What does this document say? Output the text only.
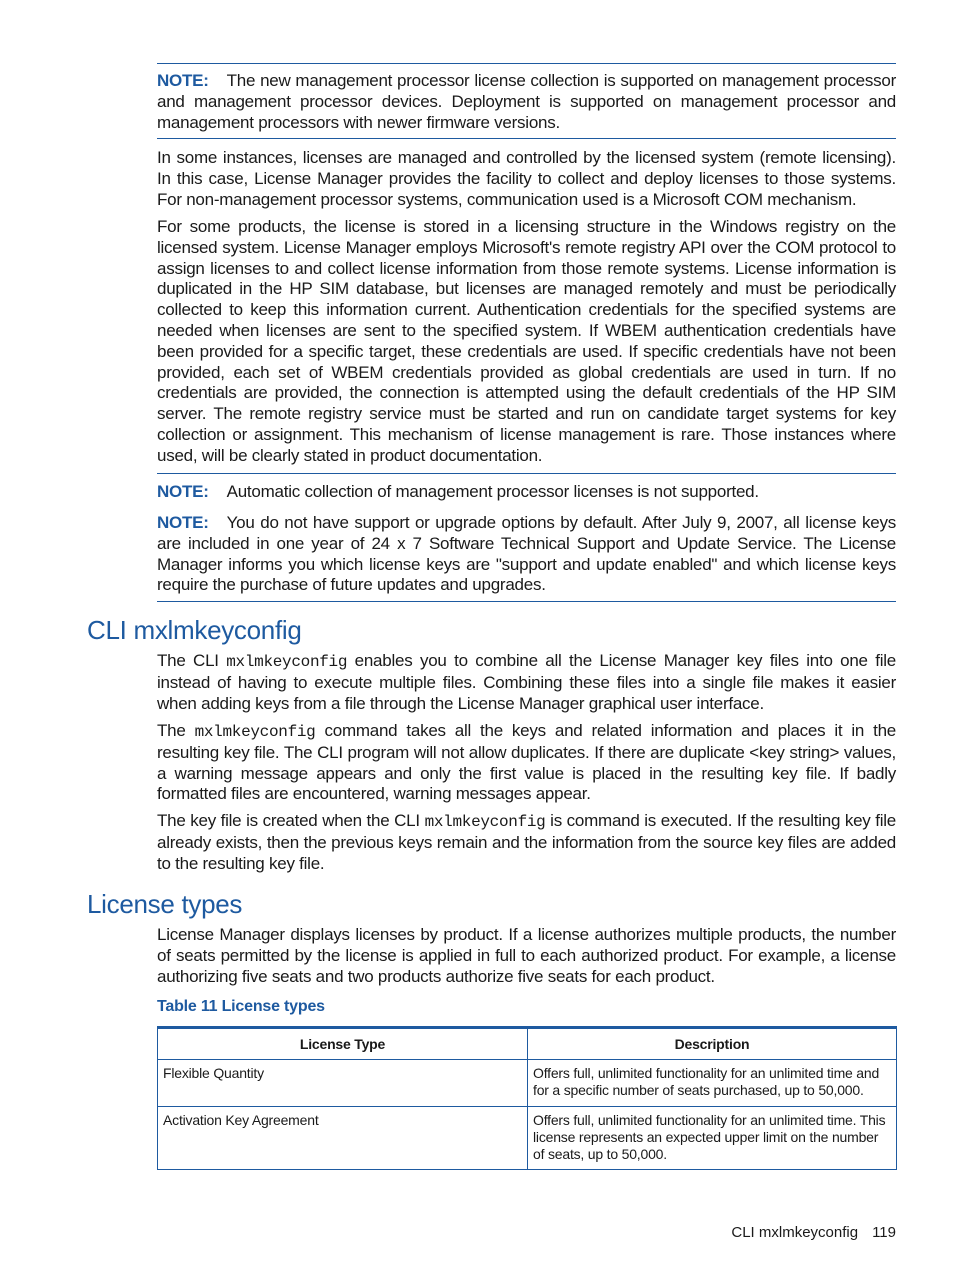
NOTE: The new management processor license collection is supported on management processor and management processor devices. Deployment is supported on management processor and management processors with newer firmware versions.
In some instances, licenses are managed and controlled by the licensed system (remote licensing). In this case, License Manager provides the facility to collect and deploy licenses to those systems. For non-management processor systems, communication used is a Microsoft COM mechanism.
For some products, the license is stored in a licensing structure in the Windows registry on the licensed system. License Manager employs Microsoft's remote registry API over the COM protocol to assign licenses to and collect license information from those remote systems. License information is duplicated in the HP SIM database, but licenses are managed remotely and must be periodically collected to keep this information current. Authentication credentials for the specified systems are needed when licenses are sent to the specified system. If WBEM authentication credentials have been provided for a specific target, these credentials are used. If specific credentials have not been provided, each set of WBEM credentials provided as global credentials are used in turn. If no credentials are provided, the connection is attempted using the default credentials of the HP SIM server. The remote registry service must be started and run on candidate target systems for key collection or assignment. This mechanism of license management is rare. Those instances where used, will be clearly stated in product documentation.
NOTE: Automatic collection of management processor licenses is not supported.
NOTE: You do not have support or upgrade options by default. After July 9, 2007, all license keys are included in one year of 24 x 7 Software Technical Support and Update Service. The License Manager informs you which license keys are "support and update enabled" and which license keys require the purchase of future updates and upgrades.
CLI mxlmkeyconfig
The CLI mxlmkeyconfig enables you to combine all the License Manager key files into one file instead of having to execute multiple files. Combining these files into a single file makes it easier when adding keys from a file through the License Manager graphical user interface.
The mxlmkeyconfig command takes all the keys and related information and places it in the resulting key file. The CLI program will not allow duplicates. If there are duplicate <key string> values, a warning message appears and only the first value is placed in the resulting key file. If badly formatted files are encountered, warning messages appear.
The key file is created when the CLI mxlmkeyconfig is command is executed. If the resulting key file already exists, then the previous keys remain and the information from the source key files are added to the resulting key file.
License types
License Manager displays licenses by product. If a license authorizes multiple products, the number of seats permitted by the license is applied in full to each authorized product. For example, a license authorizing five seats and two products authorize five seats for each product.
Table 11 License types
License Type	Description
Flexible Quantity	Offers full, unlimited functionality for an unlimited time and for a specific number of seats purchased, up to 50,000.
Activation Key Agreement	Offers full, unlimited functionality for an unlimited time. This license represents an expected upper limit on the number of seats, up to 50,000.
CLI mxlmkeyconfig 119
